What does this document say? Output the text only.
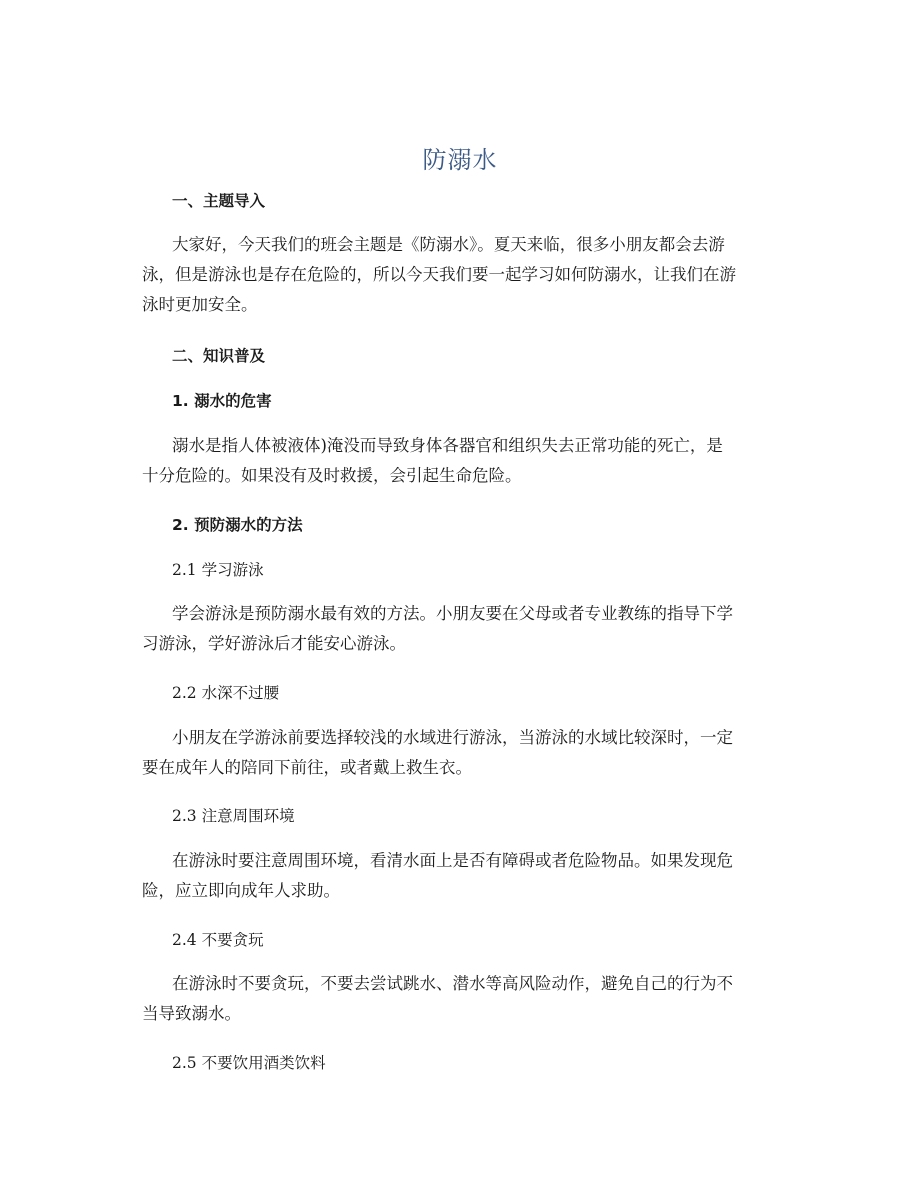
防溺水
一、主题导入
大家好，今天我们的班会主题是《防溺水》。夏天来临，很多小朋友都会去游
泳，但是游泳也是存在危险的，所以今天我们要一起学习如何防溺水，让我们在游
泳时更加安全。
二、知识普及
1. 溺水的危害
溺水是指人体被液体)淹没而导致身体各器官和组织失去正常功能的死亡，是
十分危险的。如果没有及时救援，会引起生命危险。
2. 预防溺水的方法
2.1 学习游泳
学会游泳是预防溺水最有效的方法。小朋友要在父母或者专业教练的指导下学
习游泳，学好游泳后才能安心游泳。
2.2 水深不过腰
小朋友在学游泳前要选择较浅的水域进行游泳，当游泳的水域比较深时，一定
要在成年人的陪同下前往，或者戴上救生衣。
2.3 注意周围环境
在游泳时要注意周围环境，看清水面上是否有障碍或者危险物品。如果发现危
险，应立即向成年人求助。
2.4 不要贪玩
在游泳时不要贪玩，不要去尝试跳水、潜水等高风险动作，避免自己的行为不
当导致溺水。
2.5 不要饮用酒类饮料
